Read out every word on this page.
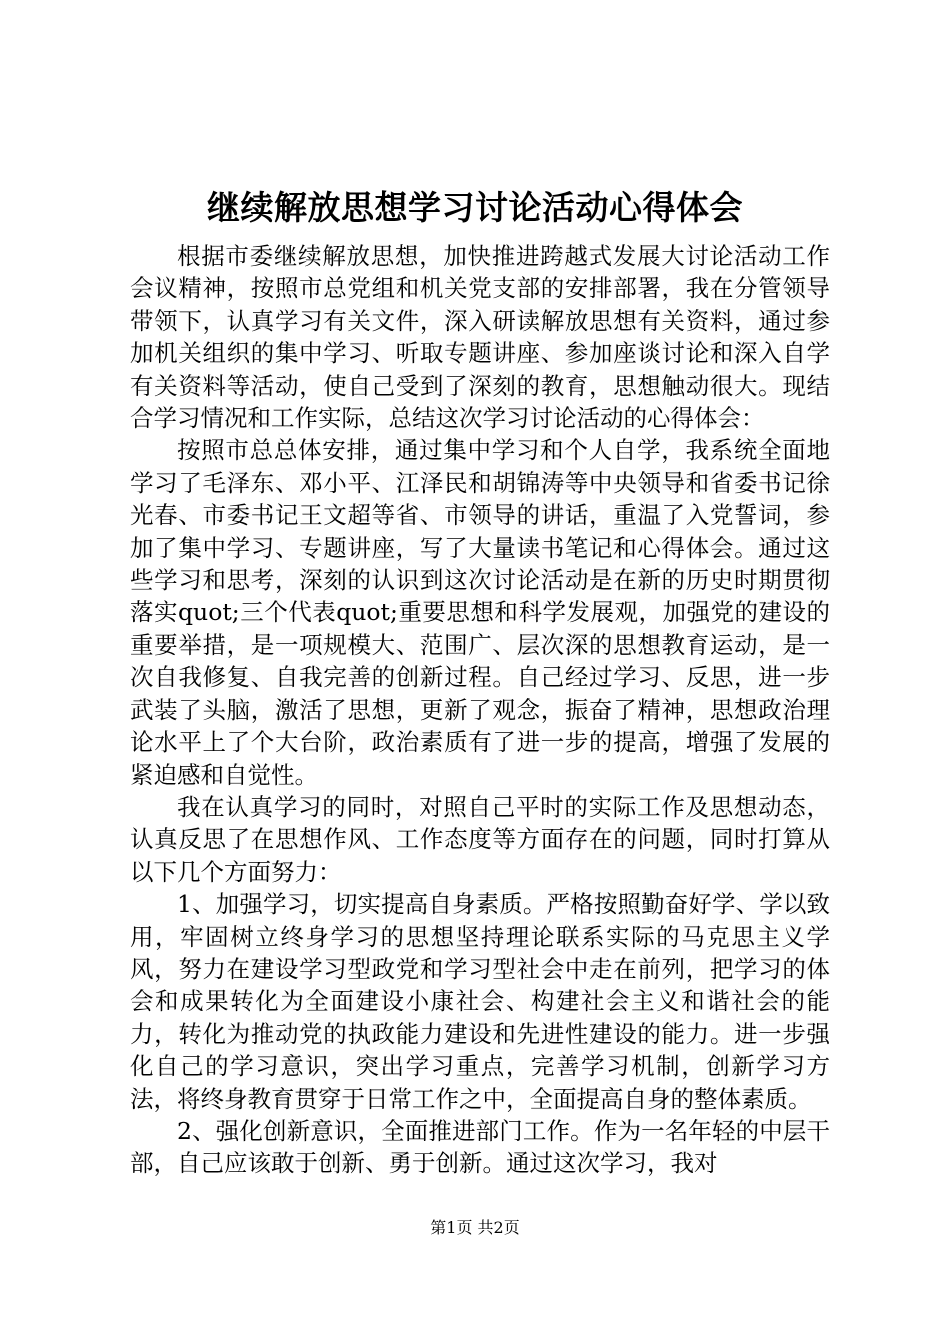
继续解放思想学习讨论活动心得体会

根据市委继续解放思想，加快推进跨越式发展大讨论活动工作会议精神，按照市总党组和机关党支部的安排部署，我在分管领导带领下，认真学习有关文件，深入研读解放思想有关资料，通过参加机关组织的集中学习、听取专题讲座、参加座谈讨论和深入自学有关资料等活动，使自己受到了深刻的教育，思想触动很大。现结合学习情况和工作实际，总结这次学习讨论活动的心得体会：

按照市总总体安排，通过集中学习和个人自学，我系统全面地学习了毛泽东、邓小平、江泽民和胡锦涛等中央领导和省委书记徐光春、市委书记王文超等省、市领导的讲话，重温了入党誓词，参加了集中学习、专题讲座，写了大量读书笔记和心得体会。通过这些学习和思考，深刻的认识到这次讨论活动是在新的历史时期贯彻落实quot;三个代表quot;重要思想和科学发展观，加强党的建设的重要举措，是一项规模大、范围广、层次深的思想教育运动，是一次自我修复、自我完善的创新过程。自己经过学习、反思，进一步武装了头脑，激活了思想，更新了观念，振奋了精神，思想政治理论水平上了个大台阶，政治素质有了进一步的提高，增强了发展的紧迫感和自觉性。

我在认真学习的同时，对照自己平时的实际工作及思想动态，认真反思了在思想作风、工作态度等方面存在的问题，同时打算从以下几个方面努力：

1、加强学习，切实提高自身素质。严格按照勤奋好学、学以致用，牢固树立终身学习的思想坚持理论联系实际的马克思主义学风，努力在建设学习型政党和学习型社会中走在前列，把学习的体会和成果转化为全面建设小康社会、构建社会主义和谐社会的能力，转化为推动党的执政能力建设和先进性建设的能力。进一步强化自己的学习意识，突出学习重点，完善学习机制，创新学习方法，将终身教育贯穿于日常工作之中，全面提高自身的整体素质。

2、强化创新意识，全面推进部门工作。作为一名年轻的中层干部，自己应该敢于创新、勇于创新。通过这次学习，我对

第1页 共2页
